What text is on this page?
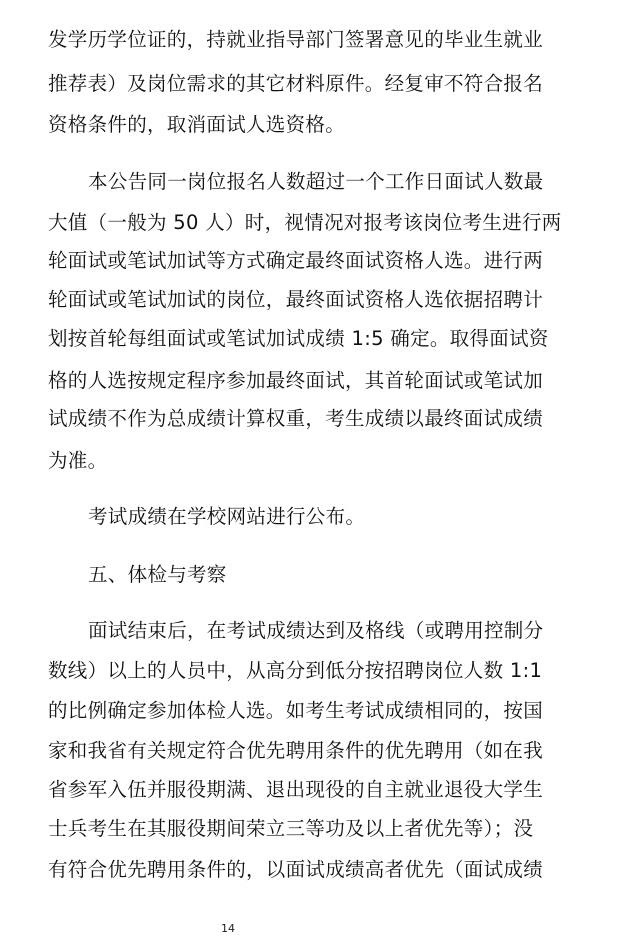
发学历学位证的，持就业指导部门签署意见的毕业生就业
推荐表）及岗位需求的其它材料原件。经复审不符合报名
资格条件的，取消面试人选资格。
本公告同一岗位报名人数超过一个工作日面试人数最
大值（一般为 50 人）时，视情况对报考该岗位考生进行两
轮面试或笔试加试等方式确定最终面试资格人选。进行两
轮面试或笔试加试的岗位，最终面试资格人选依据招聘计
划按首轮每组面试或笔试加试成绩 1:5 确定。取得面试资
格的人选按规定程序参加最终面试，其首轮面试或笔试加
试成绩不作为总成绩计算权重，考生成绩以最终面试成绩
为准。
考试成绩在学校网站进行公布。
五、体检与考察
面试结束后，在考试成绩达到及格线（或聘用控制分
数线）以上的人员中，从高分到低分按招聘岗位人数 1:1
的比例确定参加体检人选。如考生考试成绩相同的，按国
家和我省有关规定符合优先聘用条件的优先聘用（如在我
省参军入伍并服役期满、退出现役的自主就业退役大学生
士兵考生在其服役期间荣立三等功及以上者优先等）；没
有符合优先聘用条件的，以面试成绩高者优先（面试成绩
14
